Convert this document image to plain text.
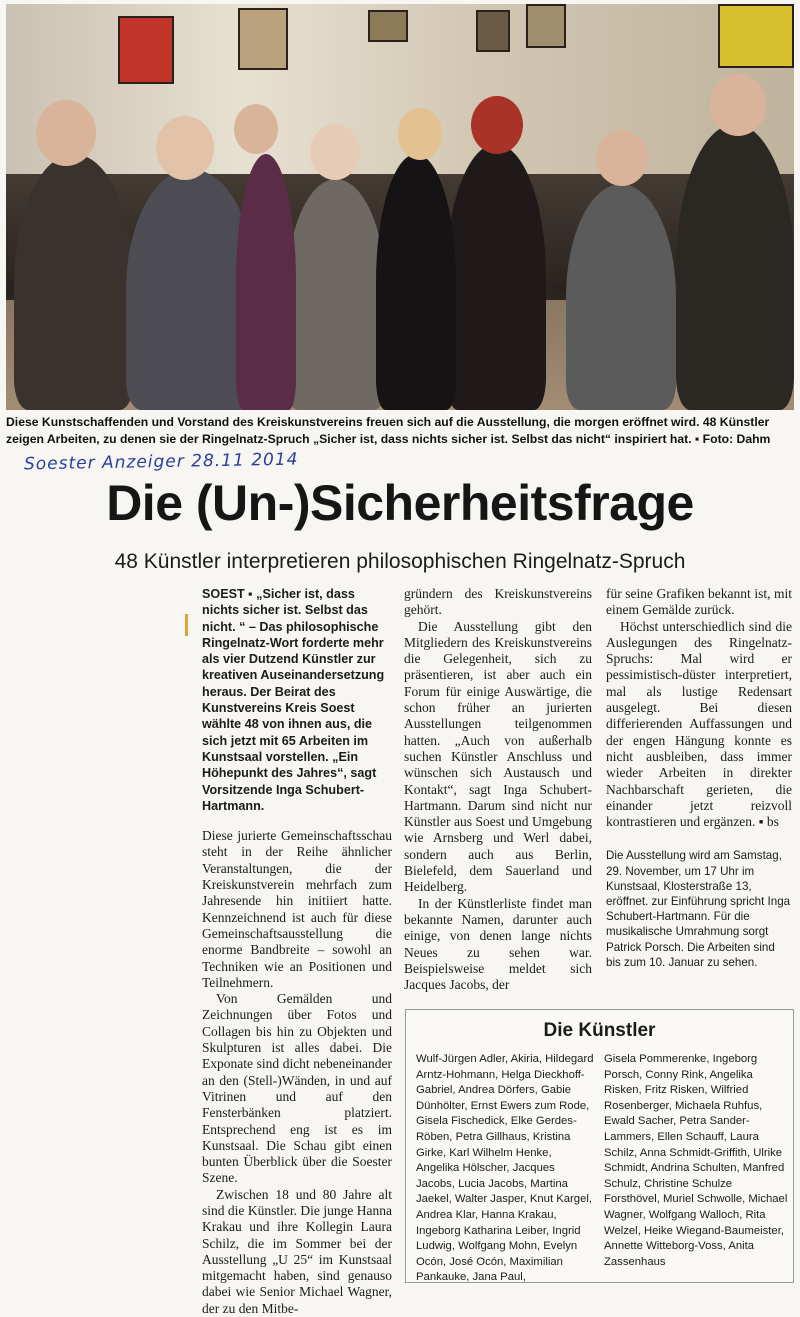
Diese Kunstschaffenden und Vorstand des Kreiskunstvereins freuen sich auf die Ausstellung, die morgen eröffnet wird. 48 Künstler zeigen Arbeiten, zu denen sie der Ringelnatz-Spruch „Sicher ist, dass nichts sicher ist. Selbst das nicht“ inspiriert hat. ▪ Foto: Dahm
Soester Anzeiger 28.11 2014
Die (Un-)Sicherheitsfrage
48 Künstler interpretieren philosophischen Ringelnatz-Spruch

SOEST ▪ „Sicher ist, dass nichts sicher ist. Selbst das nicht. “ – Das philosophische Ringelnatz-Wort forderte mehr als vier Dutzend Künstler zur kreativen Auseinandersetzung heraus. Der Beirat des Kunstvereins Kreis Soest wählte 48 von ihnen aus, die sich jetzt mit 65 Arbeiten im Kunstsaal vorstellen. „Ein Höhepunkt des Jahres“, sagt Vorsitzende Inga Schubert-Hartmann.

Diese jurierte Gemeinschaftsschau steht in der Reihe ähnlicher Veranstaltungen, die der Kreiskunstverein mehrfach zum Jahresende hin initiiert hatte. Kennzeichnend ist auch für diese Gemeinschaftsausstellung die enorme Bandbreite – sowohl an Techniken wie an Positionen und Teilnehmern.

Von Gemälden und Zeichnungen über Fotos und Collagen bis hin zu Objekten und Skulpturen ist alles dabei. Die Exponate sind dicht nebeneinander an den (Stell-)Wänden, in und auf Vitrinen und auf den Fensterbänken platziert. Entsprechend eng ist es im Kunstsaal. Die Schau gibt einen bunten Überblick über die Soester Szene.

Zwischen 18 und 80 Jahre alt sind die Künstler. Die junge Hanna Krakau und ihre Kollegin Laura Schilz, die im Sommer bei der Ausstellung „U 25“ im Kunstsaal mitgemacht haben, sind genauso dabei wie Senior Michael Wagner, der zu den Mitbe-

gründern des Kreiskunstvereins gehört.

Die Ausstellung gibt den Mitgliedern des Kreiskunstvereins die Gelegenheit, sich zu präsentieren, ist aber auch ein Forum für einige Auswärtige, die schon früher an jurierten Ausstellungen teilgenommen hatten. „Auch von außerhalb suchen Künstler Anschluss und wünschen sich Austausch und Kontakt“, sagt Inga Schubert-Hartmann. Darum sind nicht nur Künstler aus Soest und Umgebung wie Arnsberg und Werl dabei, sondern auch aus Berlin, Bielefeld, dem Sauerland und Heidelberg.

In der Künstlerliste findet man bekannte Namen, darunter auch einige, von denen lange nichts Neues zu sehen war. Beispielsweise meldet sich Jacques Jacobs, der

für seine Grafiken bekannt ist, mit einem Gemälde zurück.

Höchst unterschiedlich sind die Auslegungen des Ringelnatz-Spruchs: Mal wird er pessimistisch-düster interpretiert, mal als lustige Redensart ausgelegt. Bei diesen differierenden Auffassungen und der engen Hängung konnte es nicht ausbleiben, dass immer wieder Arbeiten in direkter Nachbarschaft gerieten, die einander jetzt reizvoll kontrastieren und ergänzen. ▪ bs

Die Ausstellung wird am Samstag, 29. November, um 17 Uhr im Kunstsaal, Klosterstraße 13, eröffnet. zur Einführung spricht Inga Schubert-Hartmann. Für die musikalische Umrahmung sorgt Patrick Porsch. Die Arbeiten sind bis zum 10. Januar zu sehen.

Die Künstler
Wulf-Jürgen Adler, Akiria, Hildegard Arntz-Hohmann, Helga Dieckhoff-Gabriel, Andrea Dörfers, Gabie Dünhölter, Ernst Ewers zum Rode, Gisela Fischedick, Elke Gerdes-Röben, Petra Gillhaus, Kristina Girke, Karl Wilhelm Henke, Angelika Hölscher, Jacques Jacobs, Lucia Jacobs, Martina Jaekel, Walter Jasper, Knut Kargel, Andrea Klar, Hanna Krakau, Ingeborg Katharina Leiber, Ingrid Ludwig, Wolfgang Mohn, Evelyn Ocón, José Ocón, Maximilian Pankauke, Jana Paul,
Gisela Pommerenke, Ingeborg Porsch, Conny Rink, Angelika Risken, Fritz Risken, Wilfried Rosenberger, Michaela Ruhfus, Ewald Sacher, Petra Sander-Lammers, Ellen Schauff, Laura Schilz, Anna Schmidt-Griffith, Ulrike Schmidt, Andrina Schulten, Manfred Schulz, Christine Schulze Forsthövel, Muriel Schwolle, Michael Wagner, Wolfgang Walloch, Rita Welzel, Heike Wiegand-Baumeister, Annette Witteborg-Voss, Anita Zassenhaus
